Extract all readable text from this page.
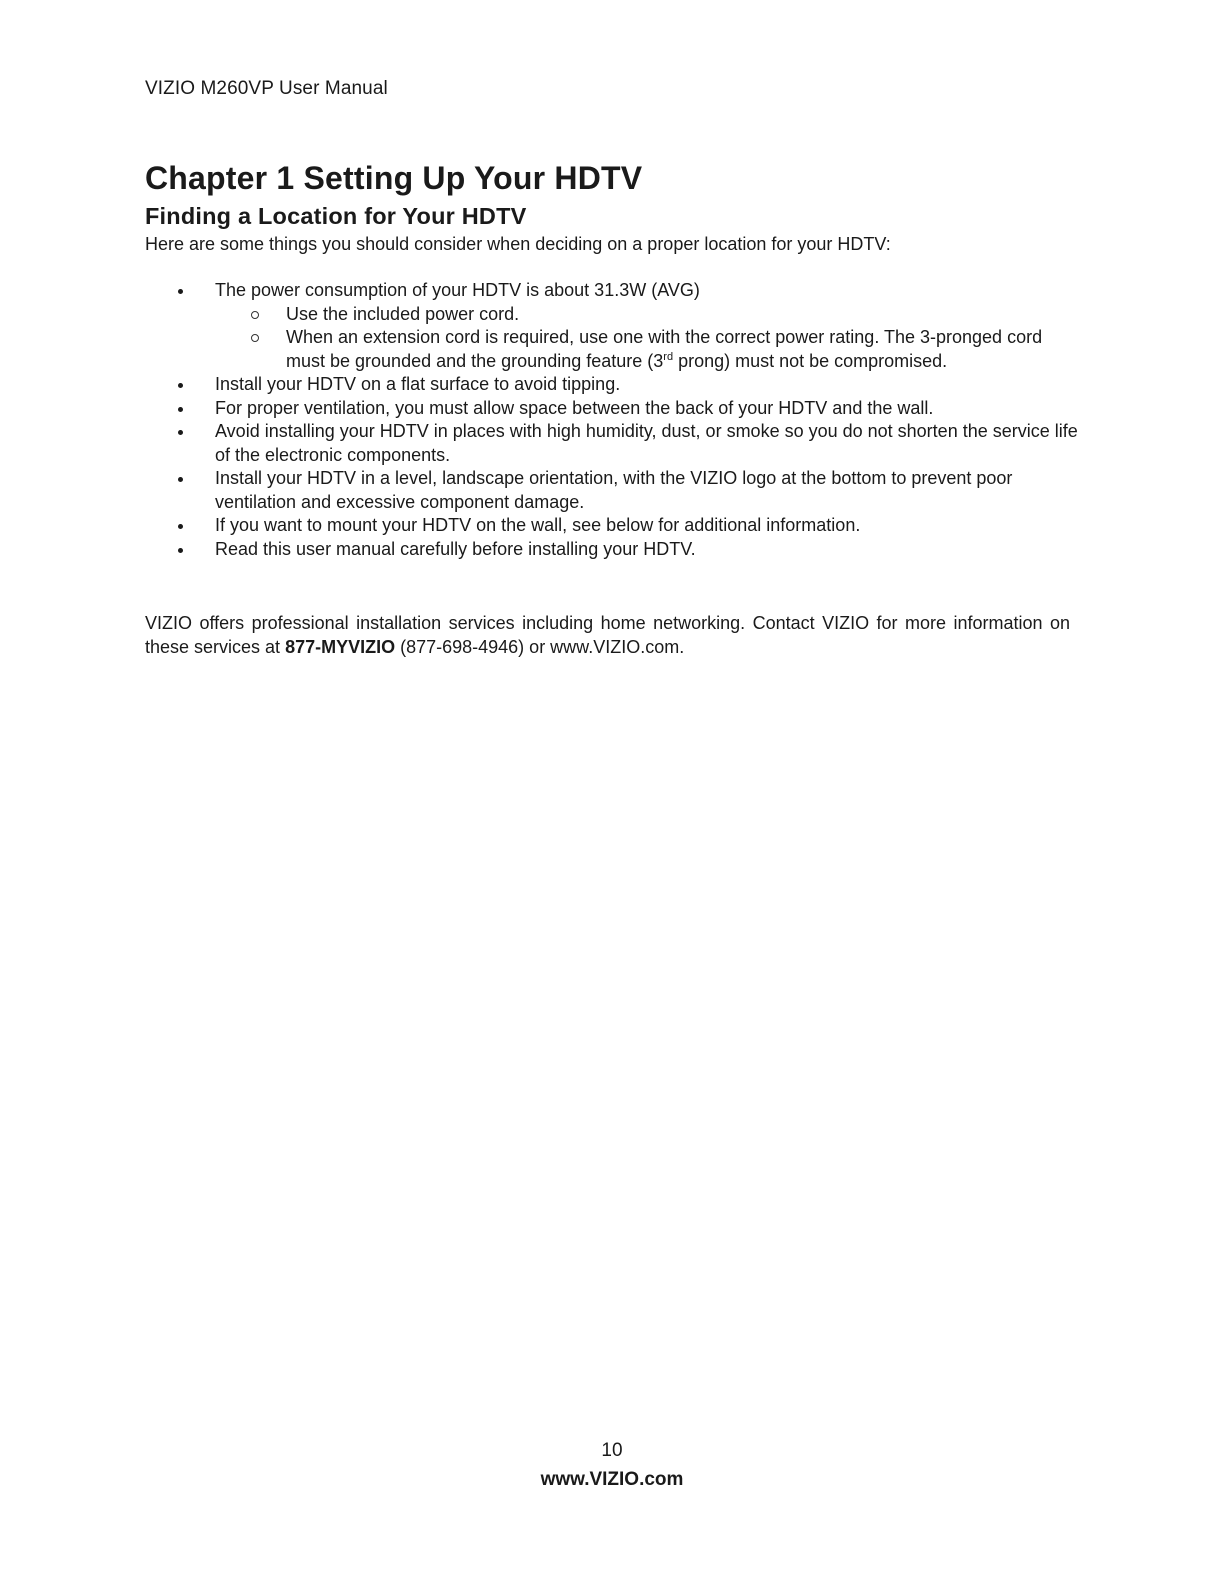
VIZIO M260VP User Manual
Chapter 1 Setting Up Your HDTV
Finding a Location for Your HDTV

Here are some things you should consider when deciding on a proper location for your HDTV:

The power consumption of your HDTV is about 31.3W (AVG)
Use the included power cord.
When an extension cord is required, use one with the correct power rating. The 3-pronged cord must be grounded and the grounding feature (3rd prong) must not be compromised.
Install your HDTV on a flat surface to avoid tipping.
For proper ventilation, you must allow space between the back of your HDTV and the wall.
Avoid installing your HDTV in places with high humidity, dust, or smoke so you do not shorten the service life of the electronic components.
Install your HDTV in a level, landscape orientation, with the VIZIO logo at the bottom to prevent poor ventilation and excessive component damage.
If you want to mount your HDTV on the wall, see below for additional information.
Read this user manual carefully before installing your HDTV.

VIZIO offers professional installation services including home networking. Contact VIZIO for more information on these services at 877-MYVIZIO (877-698-4946) or www.VIZIO.com.

10
www.VIZIO.com
